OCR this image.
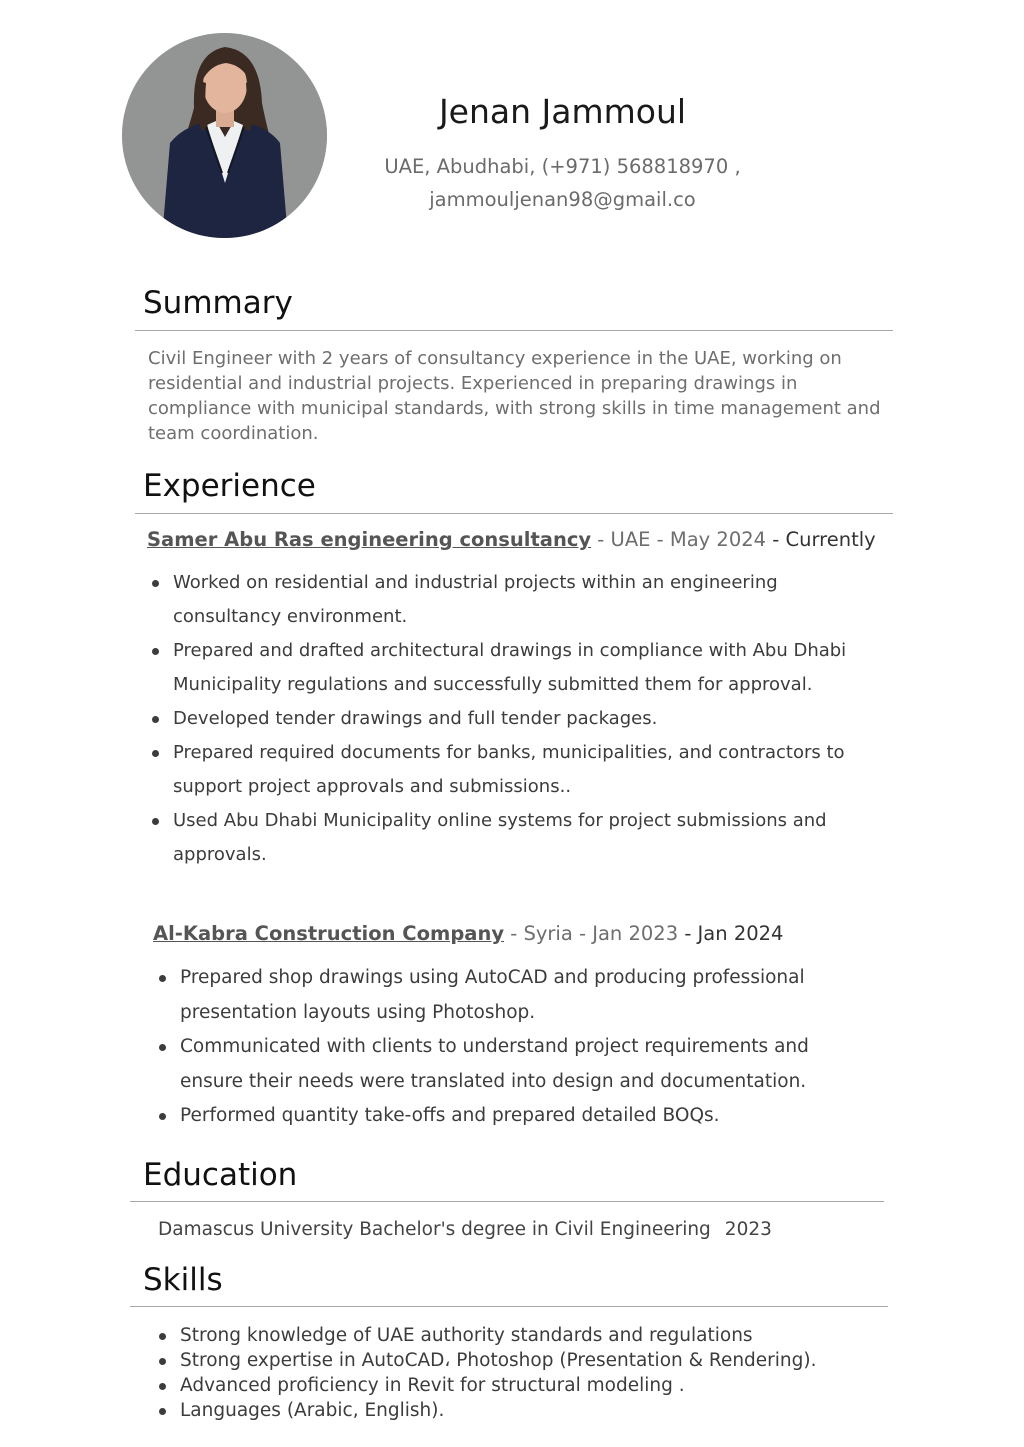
Jenan Jammoul
UAE, Abudhabi, (+971) 568818970 ,
jammouljenan98@gmail.co
Summary
Civil Engineer with 2 years of consultancy experience in the UAE, working on residential and industrial projects. Experienced in preparing drawings in compliance with municipal standards, with strong skills in time management and team coordination.
Experience
Samer Abu Ras engineering consultancy - UAE - May 2024 - Currently
Worked on residential and industrial projects within an engineering consultancy environment.
Prepared and drafted architectural drawings in compliance with Abu Dhabi Municipality regulations and successfully submitted them for approval.
Developed tender drawings and full tender packages.
Prepared required documents for banks, municipalities, and contractors to support project approvals and submissions..
Used Abu Dhabi Municipality online systems for project submissions and approvals.
Al-Kabra Construction Company - Syria - Jan 2023 - Jan 2024
Prepared shop drawings using AutoCAD and producing professional presentation layouts using Photoshop.
Communicated with clients to understand project requirements and ensure their needs were translated into design and documentation.
Performed quantity take-offs and prepared detailed BOQs.
Education
Damascus University Bachelor's degree in Civil Engineering 2023
Skills
Strong knowledge of UAE authority standards and regulations
Strong expertise in AutoCAD، Photoshop (Presentation & Rendering).
Advanced proficiency in Revit for structural modeling .
Languages (Arabic, English).
